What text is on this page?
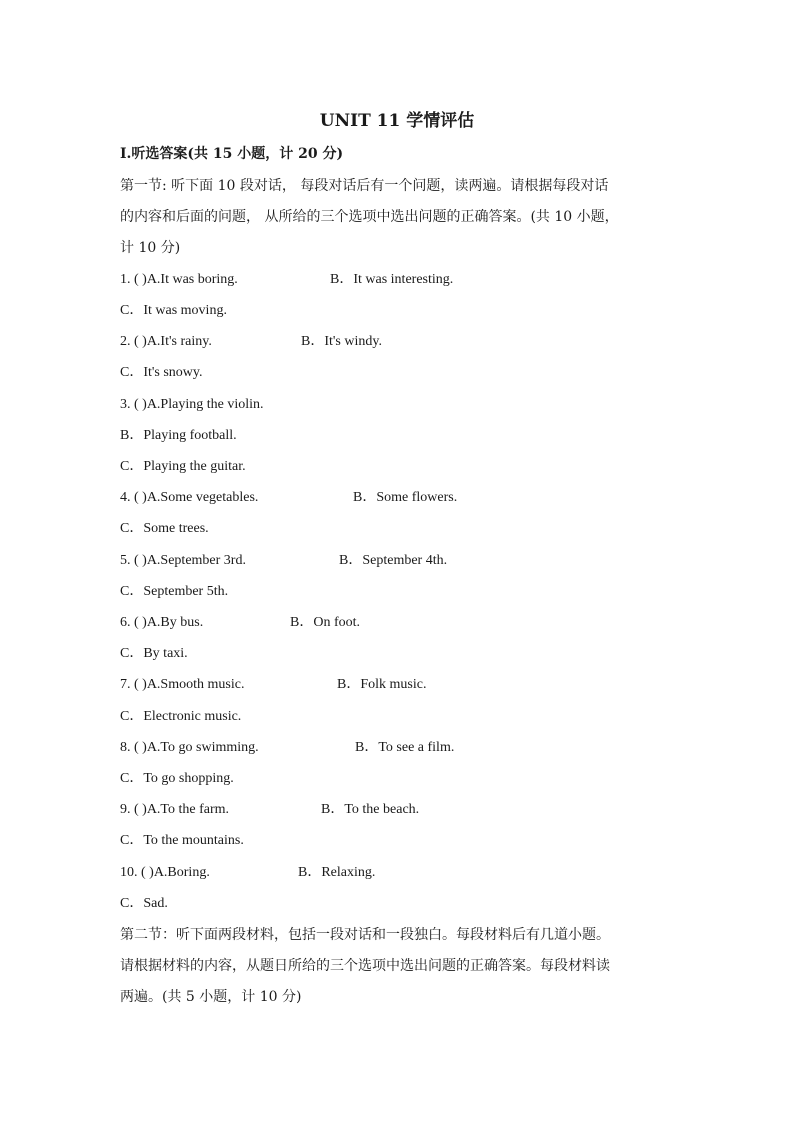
UNIT 11 学情评估
Ⅰ.听选答案(共 15 小题，计 20 分)
第一节: 听下面 10 段对话， 每段对话后有一个问题，读两遍。请根据每段对话
的内容和后面的问题， 从所给的三个选项中选出问题的正确答案。(共 10 小题，
计 10 分)
1. ( )A.It was boring.	B．It was interesting.
C．It was moving.
2. ( )A.It's rainy.	B．It's windy.
C．It's snowy.
3. ( )A.Playing the violin.
B．Playing football.
C．Playing the guitar.
4. ( )A.Some vegetables.	B．Some flowers.
C．Some trees.
5. ( )A.September 3rd.	B．September 4th.
C．September 5th.
6. ( )A.By bus.	B．On foot.
C．By taxi.
7. ( )A.Smooth music.	B．Folk music.
C．Electronic music.
8. ( )A.To go swimming.	B．To see a film.
C．To go shopping.
9. ( )A.To the farm.	B．To the beach.
C．To the mountains.
10. ( )A.Boring.	B．Relaxing.
C．Sad.
第二节：听下面两段材料，包括一段对话和一段独白。每段材料后有几道小题。
请根据材料的内容，从题日所给的三个选项中选出问题的正确答案。每段材料读
两遍。(共 5 小题，计 10 分)
